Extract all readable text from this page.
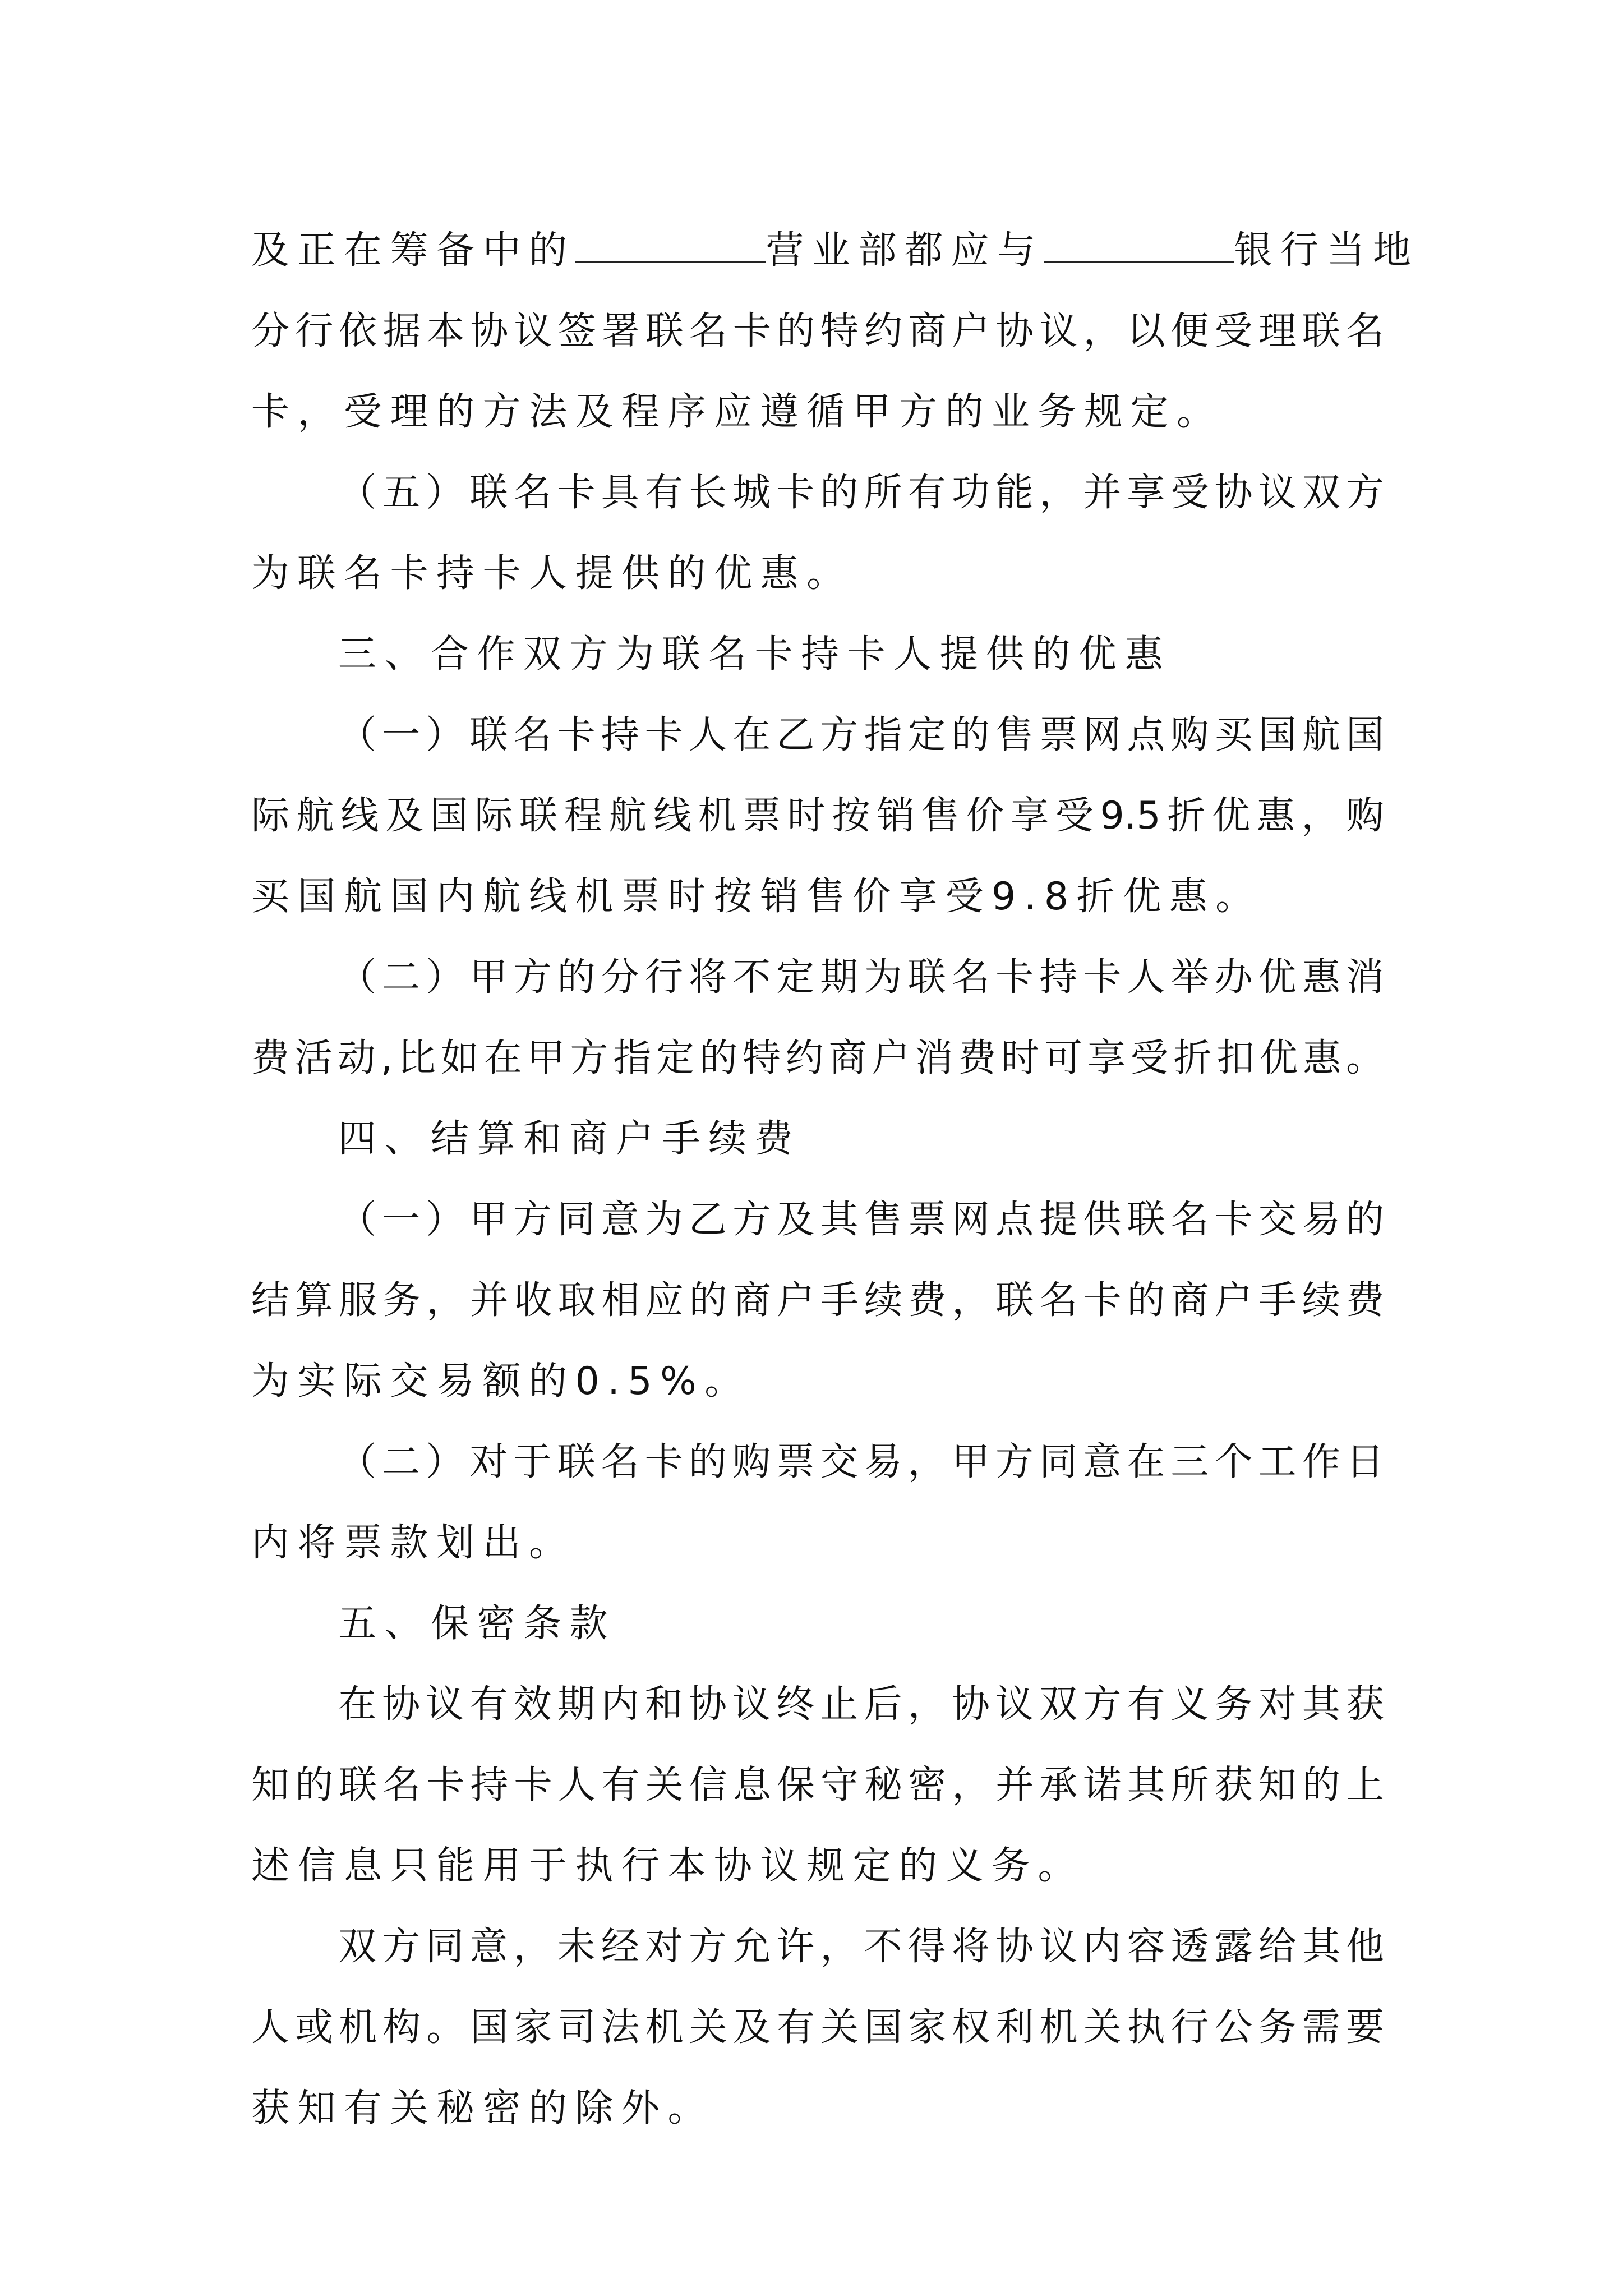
及正在筹备中的	营业部都应与	银行当地
分行依据本协议签署联名卡的特约商户协议，以便受理联名
卡，受理的方法及程序应遵循甲方的业务规定。
（五）联名卡具有长城卡的所有功能，并享受协议双方
为联名卡持卡人提供的优惠。
三、合作双方为联名卡持卡人提供的优惠
（一）联名卡持卡人在乙方指定的售票网点购买国航国
际航线及国际联程航线机票时按销售价享受9.5折优惠，购
买国航国内航线机票时按销售价享受9.8折优惠。
（二）甲方的分行将不定期为联名卡持卡人举办优惠消
费活动,比如在甲方指定的特约商户消费时可享受折扣优惠。
四、结算和商户手续费
（一）甲方同意为乙方及其售票网点提供联名卡交易的
结算服务，并收取相应的商户手续费，联名卡的商户手续费
为实际交易额的0.5%。
（二）对于联名卡的购票交易，甲方同意在三个工作日
内将票款划出。
五、保密条款
在协议有效期内和协议终止后，协议双方有义务对其获
知的联名卡持卡人有关信息保守秘密，并承诺其所获知的上
述信息只能用于执行本协议规定的义务。
双方同意，未经对方允许，不得将协议内容透露给其他
人或机构。国家司法机关及有关国家权利机关执行公务需要
获知有关秘密的除外。
